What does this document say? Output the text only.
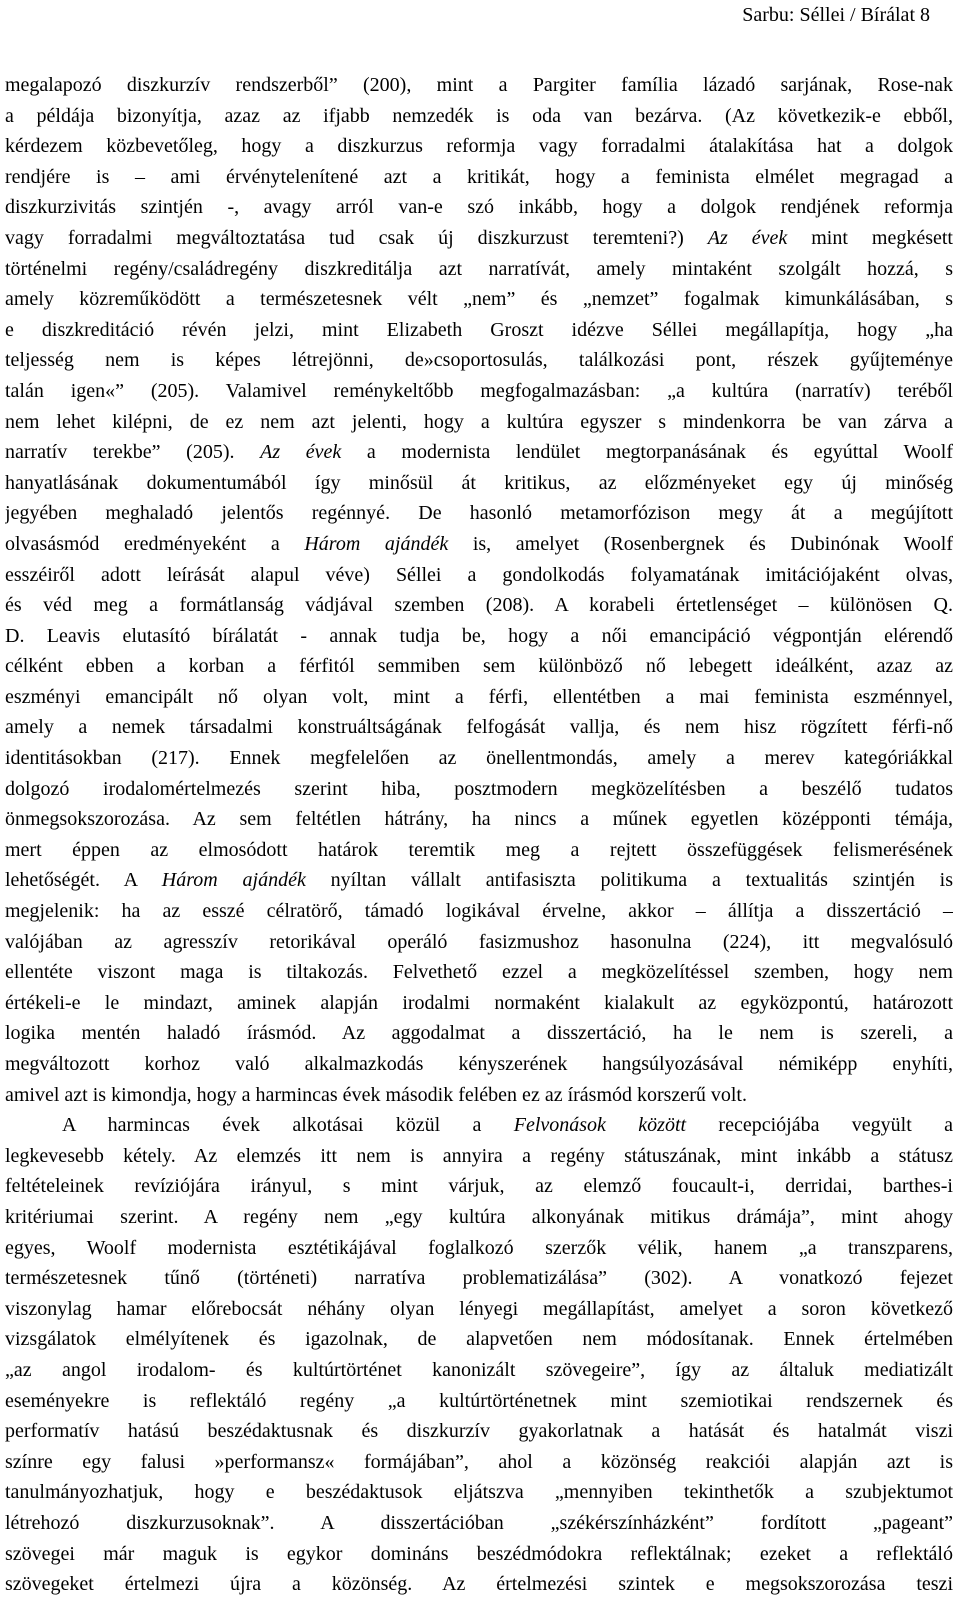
Sarbu: Séllei / Bírálat 8
megalapozó diszkurzív rendszerből” (200), mint a Pargiter família lázadó sarjának, Rose-nak
a példája bizonyítja, azaz az ifjabb nemzedék is oda van bezárva. (Az következik-e ebből,
kérdezem közbevetőleg, hogy a diszkurzus reformja vagy forradalmi átalakítása hat a dolgok
rendjére is – ami érvénytelenítené azt a kritikát, hogy a feminista elmélet megragad a
diszkurzivitás szintjén -, avagy arról van-e szó inkább, hogy a dolgok rendjének reformja
vagy forradalmi megváltoztatása tud csak új diszkurzust teremteni?) Az évek mint megkésett
történelmi regény/családregény diszkreditálja azt narratívát, amely mintaként szolgált hozzá, s
amely közreműködött a természetesnek vélt „nem” és „nemzet” fogalmak kimunkálásában, s
e diszkreditáció révén jelzi, mint Elizabeth Groszt idézve Séllei megállapítja, hogy „ha
teljesség nem is képes létrejönni, de»csoportosulás, találkozási pont, részek gyűjteménye
talán igen«” (205). Valamivel reménykeltőbb megfogalmazásban: „a kultúra (narratív) teréből
nem lehet kilépni, de ez nem azt jelenti, hogy a kultúra egyszer s mindenkorra be van zárva a
narratív terekbe” (205). Az évek a modernista lendület megtorpanásának és egyúttal Woolf
hanyatlásának dokumentumából így minősül át kritikus, az előzményeket egy új minőség
jegyében meghaladó jelentős regénnyé. De hasonló metamorfózison megy át a megújított
olvasásmód eredményeként a Három ajándék is, amelyet (Rosenbergnek és Dubinónak Woolf
esszéiről adott leírását alapul véve) Séllei a gondolkodás folyamatának imitációjaként olvas,
és véd meg a formátlanság vádjával szemben (208). A korabeli értetlenséget – különösen Q.
D. Leavis elutasító bírálatát - annak tudja be, hogy a női emancipáció végpontján elérendő
célként ebben a korban a férfitól semmiben sem különböző nő lebegett ideálként, azaz az
eszményi emancipált nő olyan volt, mint a férfi, ellentétben a mai feminista eszménnyel,
amely a nemek társadalmi konstruáltságának felfogását vallja, és nem hisz rögzített férfi-nő
identitásokban (217). Ennek megfelelően az önellentmondás, amely a merev kategóriákkal
dolgozó irodalomértelmezés szerint hiba, posztmodern megközelítésben a beszélő tudatos
önmegsokszorozása. Az sem feltétlen hátrány, ha nincs a műnek egyetlen középponti témája,
mert éppen az elmosódott határok teremtik meg a rejtett összefüggések felismerésének
lehetőségét. A Három ajándék nyíltan vállalt antifasiszta politikuma a textualitás szintjén is
megjelenik: ha az esszé célratörő, támadó logikával érvelne, akkor – állítja a disszertáció –
valójában az agresszív retorikával operáló fasizmushoz hasonulna (224), itt megvalósuló
ellentéte viszont maga is tiltakozás. Felvethető ezzel a megközelítéssel szemben, hogy nem
értékeli-e le mindazt, aminek alapján irodalmi normaként kialakult az egyközpontú, határozott
logika mentén haladó írásmód. Az aggodalmat a disszertáció, ha le nem is szereli, a
megváltozott korhoz való alkalmazkodás kényszerének hangsúlyozásával némiképp enyhíti,
amivel azt is kimondja, hogy a harmincas évek második felében ez az írásmód korszerű volt.
A harmincas évek alkotásai közül a Felvonások között recepciójába vegyült a
legkevesebb kétely. Az elemzés itt nem is annyira a regény státuszának, mint inkább a státusz
feltételeinek revíziójára irányul, s mint várjuk, az elemző foucault-i, derridai, barthes-i
kritériumai szerint. A regény nem „egy kultúra alkonyának mitikus drámája”, mint ahogy
egyes, Woolf modernista esztétikájával foglalkozó szerzők vélik, hanem „a transzparens,
természetesnek tűnő (történeti) narratíva problematizálása” (302). A vonatkozó fejezet
viszonylag hamar előrebocsát néhány olyan lényegi megállapítást, amelyet a soron következő
vizsgálatok elmélyítenek és igazolnak, de alapvetően nem módosítanak. Ennek értelmében
„az angol irodalom- és kultúrtörténet kanonizált szövegeire”, így az általuk mediatizált
eseményekre is reflektáló regény „a kultúrtörténetnek mint szemiotikai rendszernek és
performatív hatású beszédaktusnak és diszkurzív gyakorlatnak a hatását és hatalmát viszi
színre egy falusi »performansz« formájában”, ahol a közönség reakciói alapján azt is
tanulmányozhatjuk, hogy e beszédaktusok eljátszva „mennyiben tekinthetők a szubjektumot
létrehozó diszkurzusoknak”. A disszertációban „székérszínházként” fordított „pageant”
szövegei már maguk is egykor domináns beszédmódokra reflektálnak; ezeket a reflektáló
szövegeket értelmezi újra a közönség. Az értelmezési szintek e megsokszorozása teszi
